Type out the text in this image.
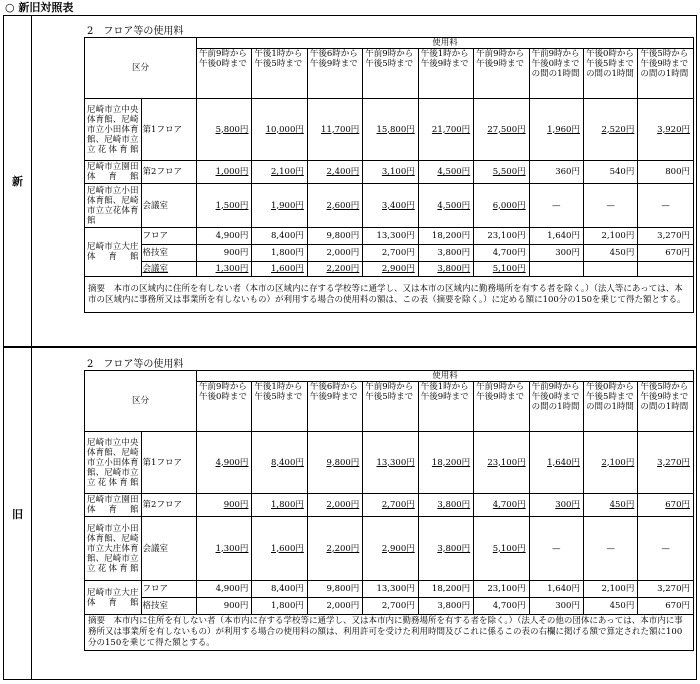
○ 新旧対照表
新
旧
2　フロア等の使用料
区分		使用料								
		午前9時から午後0時まで	午後1時から午後5時まで	午後6時から午後9時まで	午前9時から午後5時まで	午後1時から午後9時まで	午前9時から午後9時まで	午前9時から午後0時までの間の1時間	午後0時から午後5時までの間の1時間	午後5時から午後9時までの間の1時間
尼崎市立中央体育館、尼崎市立小田体育館、尼崎市立立花体育館	第1フロア	5,800円	10,000円	11,700円	15,800円	21,700円	27,500円	1,960円	2,520円	3,920円
尼崎市立園田体育館	第2フロア	1,000円	2,100円	2,400円	3,100円	4,500円	5,500円	360円	540円	800円
尼崎市立小田体育館、尼崎市立立花体育館	会議室	1,500円	1,900円	2,600円	3,400円	4,500円	6,000円	—	—	—
尼崎市立大庄体育館	フロア	4,900円	8,400円	9,800円	13,300円	18,200円	23,100円	1,640円	2,100円	3,270円
	格技室	900円	1,800円	2,000円	2,700円	3,800円	4,700円	300円	450円	670円
	会議室	1,300円	1,600円	2,200円	2,900円	3,800円	5,100円			
摘要　本市の区域内に住所を有しない者（本市の区域内に存する学校等に通学し、又は本市の区域内に勤務場所を有する者を除く。）（法人等にあっては、本市の区域内に事務所又は事業所を有しないもの）が利用する場合の使用料の額は、この表（摘要を除く。）に定める額に100分の150を乗じて得た額とする。										
2　フロア等の使用料
区分		使用料								
		午前9時から午後0時まで	午後1時から午後5時まで	午後6時から午後9時まで	午前9時から午後5時まで	午後1時から午後9時まで	午前9時から午後9時まで	午前9時から午後0時までの間の1時間	午後0時から午後5時までの間の1時間	午後5時から午後9時までの間の1時間
尼崎市立中央体育館、尼崎市立小田体育館、尼崎市立立花体育館	第1フロア	4,900円	8,400円	9,800円	13,300円	18,200円	23,100円	1,640円	2,100円	3,270円
尼崎市立園田体育館	第2フロア	900円	1,800円	2,000円	2,700円	3,800円	4,700円	300円	450円	670円
尼崎市立小田体育館、尼崎市立大庄体育館、尼崎市立立花体育館	会議室	1,300円	1,600円	2,200円	2,900円	3,800円	5,100円	—	—	—
尼崎市立大庄体育館	フロア	4,900円	8,400円	9,800円	13,300円	18,200円	23,100円	1,640円	2,100円	3,270円
	格技室	900円	1,800円	2,000円	2,700円	3,800円	4,700円	300円	450円	670円
摘要　本市内に住所を有しない者（本市内に存する学校等に通学し、又は本市内に勤務場所を有する者を除く。）（法人その他の団体にあっては、本市内に事務所又は事業所を有しないもの）が利用する場合の使用料の額は、利用許可を受けた利用時間及びこれに係るこの表の右欄に掲げる額で算定された額に100分の150を乗じて得た額とする。										
